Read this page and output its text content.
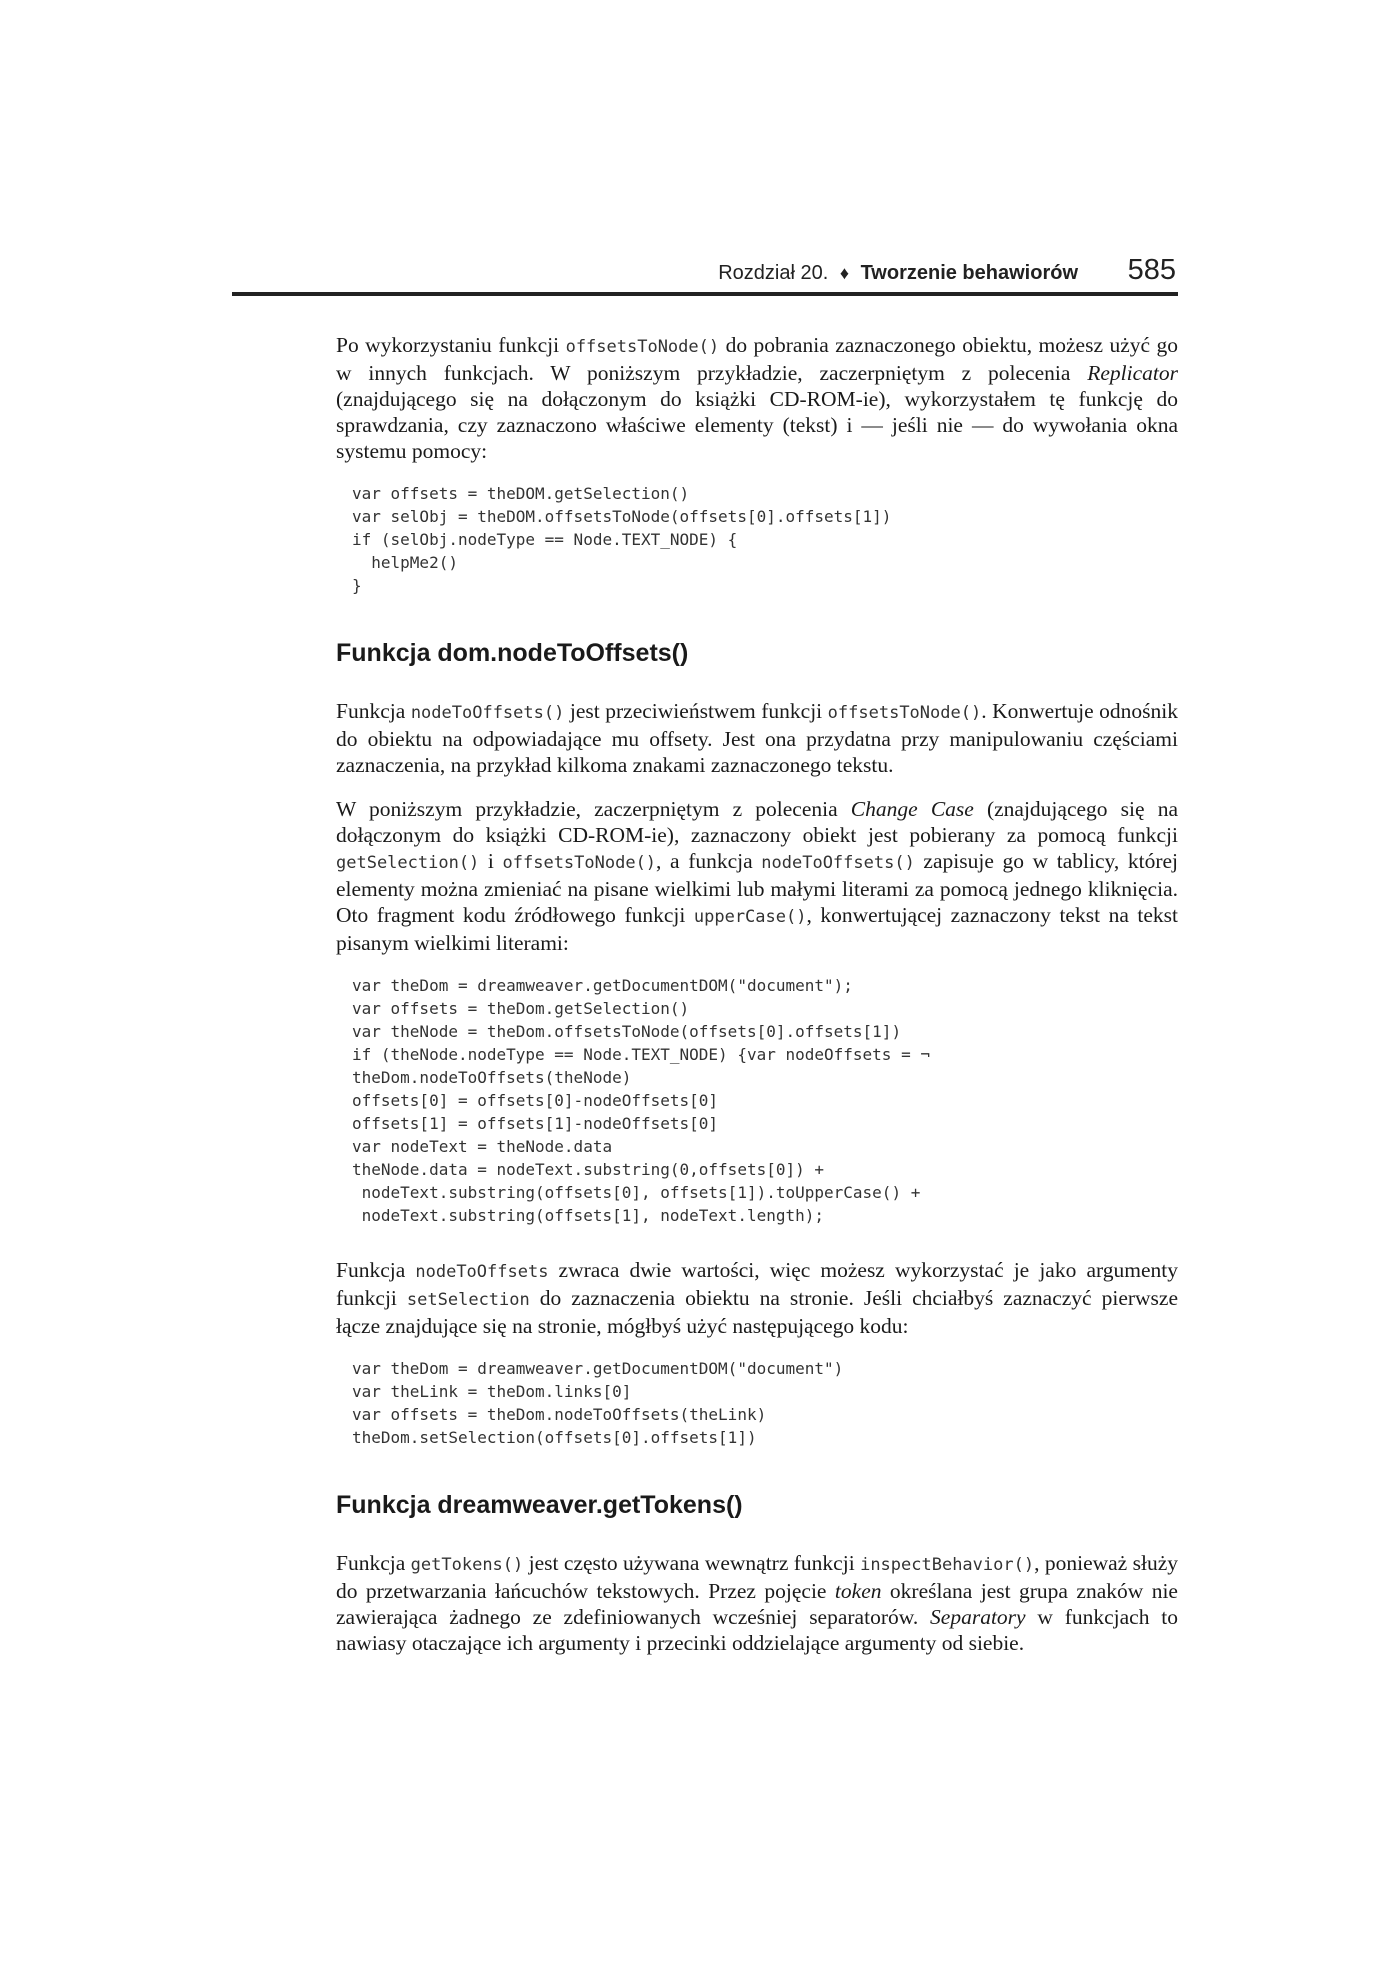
Rozdział 20. ♦ Tworzenie behawiorów 585

Po wykorzystaniu funkcji offsetsToNode() do pobrania zaznaczonego obiektu, możesz użyć go w innych funkcjach. W poniższym przykładzie, zaczerpniętym z polecenia Replicator (znajdującego się na dołączonym do książki CD-ROM-ie), wykorzystałem tę funkcję do sprawdzania, czy zaznaczono właściwe elementy (tekst) i — jeśli nie — do wywołania okna systemu pomocy:

var offsets = theDOM.getSelection()
var selObj = theDOM.offsetsToNode(offsets[0].offsets[1])
if (selObj.nodeType == Node.TEXT_NODE) {
helpMe2()
}
Funkcja dom.nodeToOffsets()

Funkcja nodeToOffsets() jest przeciwieństwem funkcji offsetsToNode(). Konwertuje odnośnik do obiektu na odpowiadające mu offsety. Jest ona przydatna przy manipulowaniu częściami zaznaczenia, na przykład kilkoma znakami zaznaczonego tekstu.

W poniższym przykładzie, zaczerpniętym z polecenia Change Case (znajdującego się na dołączonym do książki CD-ROM-ie), zaznaczony obiekt jest pobierany za pomocą funkcji getSelection() i offsetsToNode(), a funkcja nodeToOffsets() zapisuje go w tablicy, której elementy można zmieniać na pisane wielkimi lub małymi literami za pomocą jednego kliknięcia. Oto fragment kodu źródłowego funkcji upperCase(), konwertującej zaznaczony tekst na tekst pisanym wielkimi literami:

var theDom = dreamweaver.getDocumentDOM("document");
var offsets = theDom.getSelection()
var theNode = theDom.offsetsToNode(offsets[0].offsets[1])
if (theNode.nodeType == Node.TEXT_NODE) {var nodeOffsets = ¬
theDom.nodeToOffsets(theNode)
offsets[0] = offsets[0]-nodeOffsets[0]
offsets[1] = offsets[1]-nodeOffsets[0]
var nodeText = theNode.data
theNode.data = nodeText.substring(0,offsets[0]) +
nodeText.substring(offsets[0], offsets[1]).toUpperCase() +
nodeText.substring(offsets[1], nodeText.length);

Funkcja nodeToOffsets zwraca dwie wartości, więc możesz wykorzystać je jako argumenty funkcji setSelection do zaznaczenia obiektu na stronie. Jeśli chciałbyś zaznaczyć pierwsze łącze znajdujące się na stronie, mógłbyś użyć następującego kodu:

var theDom = dreamweaver.getDocumentDOM("document")
var theLink = theDom.links[0]
var offsets = theDom.nodeToOffsets(theLink)
theDom.setSelection(offsets[0].offsets[1])
Funkcja dreamweaver.getTokens()

Funkcja getTokens() jest często używana wewnątrz funkcji inspectBehavior(), ponieważ służy do przetwarzania łańcuchów tekstowych. Przez pojęcie token określana jest grupa znaków nie zawierająca żadnego ze zdefiniowanych wcześniej separatorów. Separatory w funkcjach to nawiasy otaczające ich argumenty i przecinki oddzielające argumenty od siebie.
